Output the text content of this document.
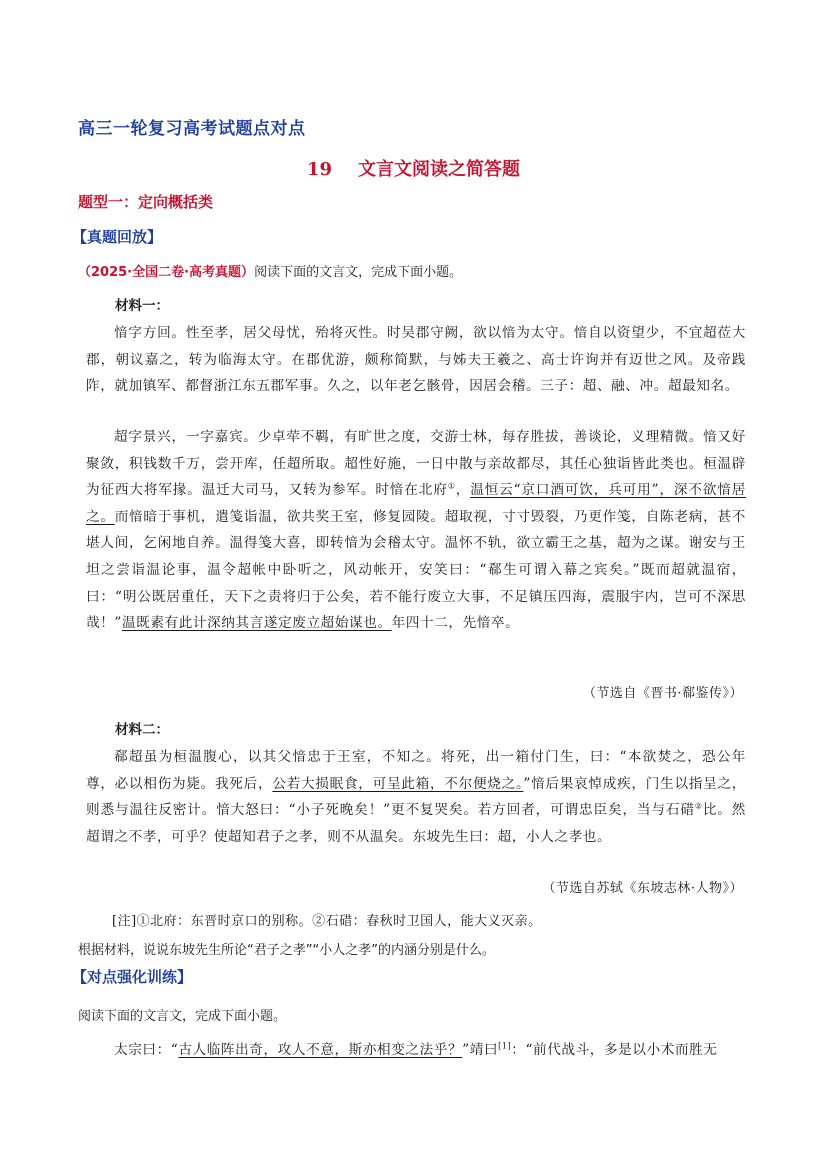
高三一轮复习高考试题点对点
19 文言文阅读之简答题
题型一：定向概括类
【真题回放】
（2025·全国二卷·高考真题）阅读下面的文言文，完成下面小题。
材料一：
愔字方回。性至孝，居父母忧，殆将灭性。时吴郡守阙，欲以愔为太守。愔自以资望少，不宜超莅大郡，朝议嘉之，转为临海太守。在郡优游，颇称简默，与姊夫王羲之、高士许询并有迈世之风。及帝践阼，就加镇军、都督浙江东五郡军事。久之，以年老乞骸骨，因居会稽。三子：超、融、冲。超最知名。
超字景兴，一字嘉宾。少卓荦不羁，有旷世之度，交游士林，每存胜拔，善谈论，义理精微。愔又好聚敛，积钱数千万，尝开库，任超所取。超性好施，一日中散与亲故都尽，其任心独诣皆此类也。桓温辟为征西大将军掾。温迁大司马，又转为参军。时愔在北府①，温恒云“京口酒可饮，兵可用”，深不欲愔居之。而愔暗于事机，遣笺诣温，欲共奖王室，修复园陵。超取视，寸寸毁裂，乃更作笺，自陈老病，甚不堪人间，乞闲地自养。温得笺大喜，即转愔为会稽太守。温怀不轨，欲立霸王之基，超为之谋。谢安与王坦之尝诣温论事，温令超帐中卧听之，风动帐开，安笑曰：“郗生可谓入幕之宾矣。”既而超就温宿，曰：“明公既居重任，天下之责将归于公矣，若不能行废立大事，不足镇压四海，震服宇内，岂可不深思哉！”温既素有此计深纳其言遂定废立超始谋也。年四十二，先愔卒。
（节选自《晋书·郗鉴传》）
材料二：
郗超虽为桓温腹心，以其父愔忠于王室，不知之。将死，出一箱付门生，曰：“本欲焚之，恐公年尊，必以相伤为毙。我死后，公若大损眠食，可呈此箱，不尔便烧之。”愔后果哀悼成疾，门生以指呈之，则悉与温往反密计。愔大怒曰：“小子死晚矣！”更不复哭矣。若方回者，可谓忠臣矣，当与石碏②比。然超谓之不孝，可乎？使超知君子之孝，则不从温矣。东坡先生曰：超，小人之孝也。
（节选自苏轼《东坡志林·人物》）
[注]①北府：东晋时京口的别称。②石碏：春秋时卫国人，能大义灭亲。
根据材料，说说东坡先生所论“君子之孝”“小人之孝”的内涵分别是什么。
【对点强化训练】
阅读下面的文言文，完成下面小题。
太宗曰：“古人临阵出奇，攻人不意，斯亦相变之法乎？”靖曰[1]：“前代战斗，多是以小术而胜无
